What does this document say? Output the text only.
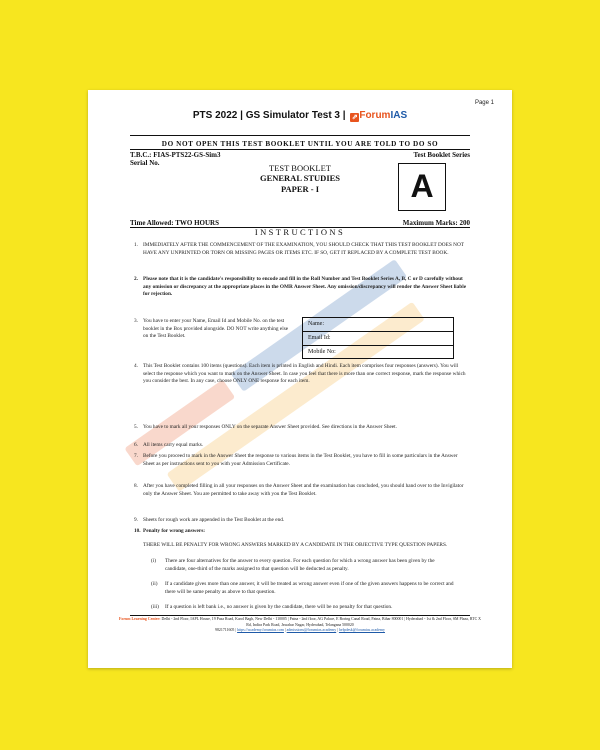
Page 1
PTS 2022 | GS Simulator Test 3 | ⇗ ForumIAS
DO NOT OPEN THIS TEST BOOKLET UNTIL YOU ARE TOLD TO DO SO
T.B.C.: FIAS-PTS22-GS-Sim3	Test Booklet Series
Serial No.	TEST BOOKLET
GENERAL STUDIES
PAPER - I	A
Time Allowed: TWO HOURS	Maximum Marks: 200
INSTRUCTIONS
1. IMMEDIATELY AFTER THE COMMENCEMENT OF THE EXAMINATION, YOU SHOULD CHECK THAT THIS TEST BOOKLET DOES NOT HAVE ANY UNPRINTED OR TORN OR MISSING PAGES OR ITEMS ETC. IF SO, GET IT REPLACED BY A COMPLETE TEST BOOK.
2. Please note that it is the candidate's responsibility to encode and fill in the Roll Number and Test Booklet Series A, B, C or D carefully without any omission or discrepancy at the appropriate places in the OMR Answer Sheet. Any omission/discrepancy will render the Answer Sheet liable for rejection.
3. You have to enter your Name, Email Id and Mobile No. on the test booklet in the Box provided alongside. DO NOT write anything else on the Test Booklet.
Name:
Email Id:
Mobile No:
4. This Test Booklet contains 100 items (questions). Each item is printed in English and Hindi. Each item comprises four responses (answers). You will select the response which you want to mark on the Answer Sheet. In case you feel that there is more than one correct response, mark the response which you consider the best. In any case, choose ONLY ONE response for each item.
5. You have to mark all your responses ONLY on the separate Answer Sheet provided. See directions in the Answer Sheet.
6. All items carry equal marks.
7. Before you proceed to mark in the Answer Sheet the response to various items in the Test Booklet, you have to fill in some particulars in the Answer Sheet as per instructions sent to you with your Admission Certificate.
8. After you have completed filling in all your responses on the Answer Sheet and the examination has concluded, you should hand over to the Invigilator only the Answer Sheet. You are permitted to take away with you the Test Booklet.
9. Sheets for rough work are appended in the Test Booklet at the end.
10. Penalty for wrong answers:
THERE WILL BE PENALTY FOR WRONG ANSWERS MARKED BY A CANDIDATE IN THE OBJECTIVE TYPE QUESTION PAPERS.
(i) There are four alternatives for the answer to every question. For each question for which a wrong answer has been given by the candidate, one-third of the marks assigned to that question will be deducted as penalty.
(ii) If a candidate gives more than one answer, it will be treated as wrong answer even if one of the given answers happens to be correct and there will be same penalty as above to that question.
(iii) If a question is left bank i.e., no answer is given by the candidate, there will be no penalty for that question.
Forum Learning Center: Delhi - 2nd Floor, IAPL House, 19 Pusa Road, Karol Bagh, New Delhi - 110005 | Patna - 2nd floor, AG Palace, E Boring Canal Road, Patna, Bihar 800001 | Hyderabad - 1st & 2nd Floor, SM Plaza, RTC X Rd, Indira Park Road, Jawahar Nagar, Hyderabad, Telangana 500020
9821711605 | https://academy.forumias.com | admissions@forumias.academy | helpdesk@forumias.academy
